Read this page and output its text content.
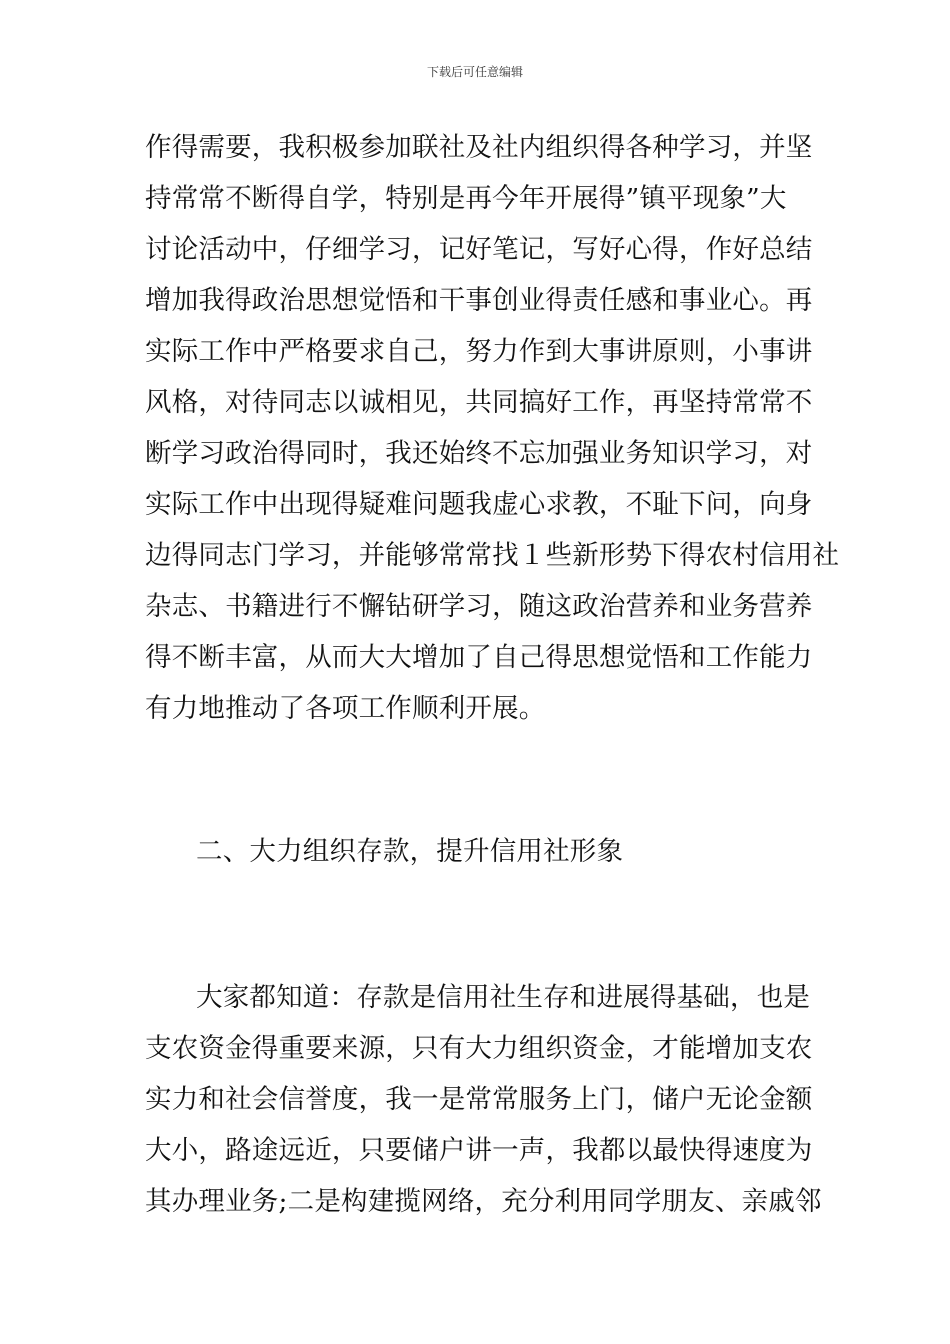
下载后可任意编辑
作得需要，我积极参加联社及社内组织得各种学习，并坚
持常常不断得自学，特别是再今年开展得”镇平现象”大
讨论活动中，仔细学习，记好笔记，写好心得，作好总结
增加我得政治思想觉悟和干事创业得责任感和事业心。再
实际工作中严格要求自己，努力作到大事讲原则，小事讲
风格，对待同志以诚相见，共同搞好工作，再坚持常常不
断学习政治得同时，我还始终不忘加强业务知识学习，对
实际工作中出现得疑难问题我虚心求教，不耻下问，向身
边得同志门学习，并能够常常找１些新形势下得农村信用社
杂志、书籍进行不懈钻研学习，随这政治营养和业务营养
得不断丰富，从而大大增加了自己得思想觉悟和工作能力
有力地推动了各项工作顺利开展。
二、大力组织存款，提升信用社形象
大家都知道：存款是信用社生存和进展得基础，也是
支农资金得重要来源，只有大力组织资金，才能增加支农
实力和社会信誉度，我一是常常服务上门，储户无论金额
大小，路途远近，只要储户讲一声，我都以最快得速度为
其办理业务;二是构建揽网络，充分利用同学朋友、亲戚邻
